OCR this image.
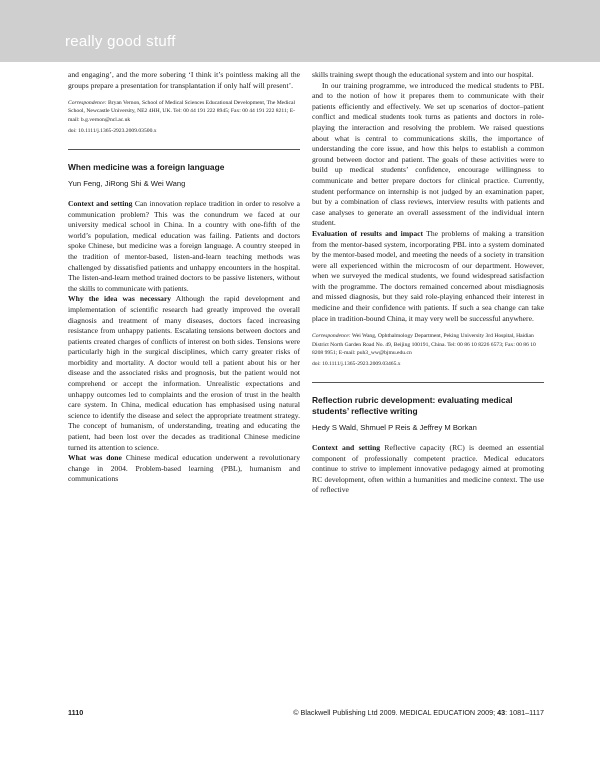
really good stuff

and engaging’, and the more sobering ‘I think it’s pointless making all the groups prepare a presentation for transplantation if only half will present’.

Correspondence: Bryan Vernon, School of Medical Sciences Educational Development, The Medical School, Newcastle University, NE2 4HH, UK. Tel: 00 44 191 222 8945; Fax: 00 44 191 222 8211; E-mail: b.g.vernon@ncl.ac.uk

doi: 10.1111/j.1365-2923.2009.03500.x

When medicine was a foreign language
Yun Feng, JiRong Shi & Wei Wang

Context and setting Can innovation replace tradition in order to resolve a communication problem? This was the conundrum we faced at our university medical school in China. In a country with one-fifth of the world’s population, medical education was failing. Patients and doctors spoke Chinese, but medicine was a foreign language. A country steeped in the tradition of mentor-based, listen-and-learn teaching methods was challenged by dissatisfied patients and unhappy encounters in the hospital. The listen-and-learn method trained doctors to be passive listeners, without the skills to communicate with patients.

Why the idea was necessary Although the rapid development and implementation of scientific research had greatly improved the overall diagnosis and treatment of many diseases, doctors faced increasing resistance from unhappy patients. Escalating tensions between doctors and patients created charges of conflicts of interest on both sides. Tensions were particularly high in the surgical disciplines, which carry greater risks of morbidity and mortality. A doctor would tell a patient about his or her disease and the associated risks and prognosis, but the patient would not comprehend or accept the information. Unrealistic expectations and unhappy outcomes led to complaints and the erosion of trust in the health care system. In China, medical education has emphasised using natural science to identify the disease and select the appropriate treatment strategy. The concept of humanism, of understanding, treating and educating the patient, had been lost over the decades as traditional Chinese medicine turned its attention to science.

What was done Chinese medical education underwent a revolutionary change in 2004. Problem-based learning (PBL), humanism and communications

skills training swept though the educational system and into our hospital.

In our training programme, we introduced the medical students to PBL and to the notion of how it prepares them to communicate with their patients efficiently and effectively. We set up scenarios of doctor–patient conflict and medical students took turns as patients and doctors in role-playing the interaction and resolving the problem. We raised questions about what is central to communications skills, the importance of understanding the core issue, and how this helps to establish a common ground between doctor and patient. The goals of these activities were to build up medical students’ confidence, encourage willingness to communicate and better prepare doctors for clinical practice. Currently, student performance on internship is not judged by an examination paper, but by a combination of class reviews, interview results with patients and case analyses to generate an overall assessment of the individual intern student.

Evaluation of results and impact The problems of making a transition from the mentor-based system, incorporating PBL into a system dominated by the mentor-based model, and meeting the needs of a society in transition were all experienced within the microcosm of our department. However, when we surveyed the medical students, we found widespread satisfaction with the programme. The doctors remained concerned about misdiagnosis and missed diagnosis, but they said role-playing enhanced their interest in medicine and their confidence with patients. If such a sea change can take place in tradition-bound China, it may very well be successful anywhere.

Correspondence: Wei Wang, Ophthalmology Department, Peking University 3rd Hospital, Haidian District North Garden Road No. 49, Beijing 100191, China. Tel: 00 86 10 8226 6573; Fax: 00 86 10 8208 9951; E-mail: puh3_ww@bjmu.edu.cn

doi: 10.1111/j.1365-2923.2009.03465.x

Reflection rubric development: evaluating medical students’ reflective writing
Hedy S Wald, Shmuel P Reis & Jeffrey M Borkan

Context and setting Reflective capacity (RC) is deemed an essential component of professionally competent practice. Medical educators continue to strive to implement innovative pedagogy aimed at promoting RC development, often within a humanities and medicine context. The use of reflective

1110	© Blackwell Publishing Ltd 2009. MEDICAL EDUCATION 2009; 43: 1081–1117
